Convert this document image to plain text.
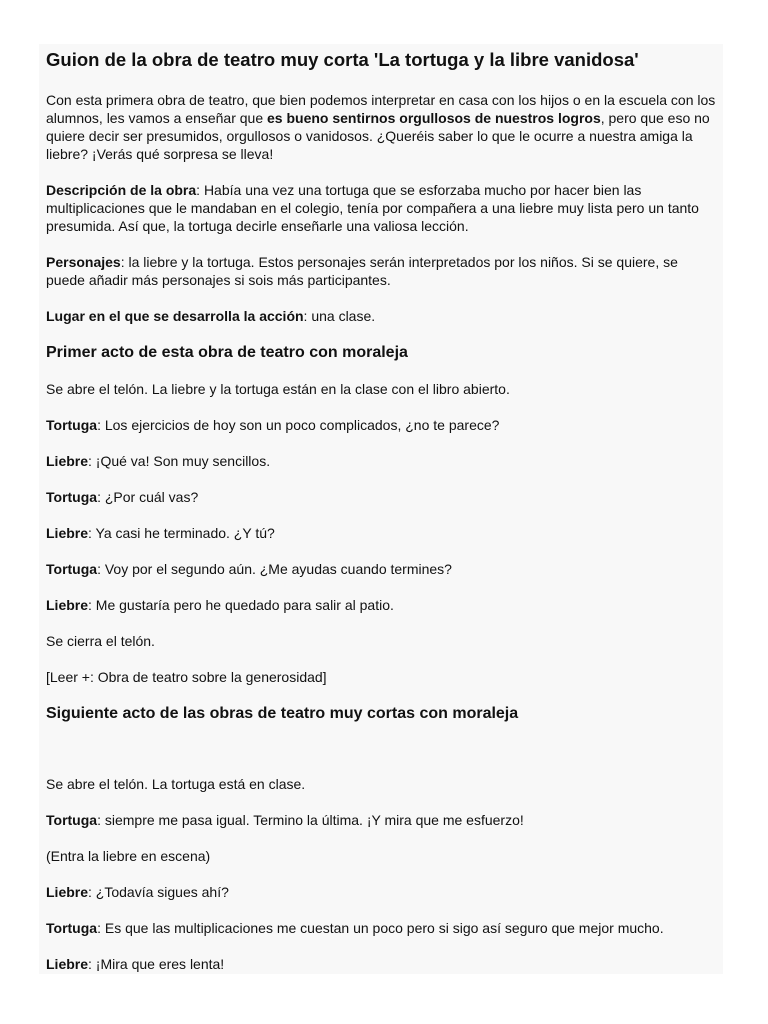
Guion de la obra de teatro muy corta 'La tortuga y la libre vanidosa'

Con esta primera obra de teatro, que bien podemos interpretar en casa con los hijos o en la escuela con los alumnos, les vamos a enseñar que es bueno sentirnos orgullosos de nuestros logros, pero que eso no quiere decir ser presumidos, orgullosos o vanidosos. ¿Queréis saber lo que le ocurre a nuestra amiga la liebre? ¡Verás qué sorpresa se lleva!

Descripción de la obra: Había una vez una tortuga que se esforzaba mucho por hacer bien las multiplicaciones que le mandaban en el colegio, tenía por compañera a una liebre muy lista pero un tanto presumida. Así que, la tortuga decirle enseñarle una valiosa lección.

Personajes: la liebre y la tortuga. Estos personajes serán interpretados por los niños. Si se quiere, se puede añadir más personajes si sois más participantes.

Lugar en el que se desarrolla la acción: una clase.

Primer acto de esta obra de teatro con moraleja

Se abre el telón. La liebre y la tortuga están en la clase con el libro abierto.

Tortuga: Los ejercicios de hoy son un poco complicados, ¿no te parece?

Liebre: ¡Qué va! Son muy sencillos.

Tortuga: ¿Por cuál vas?

Liebre: Ya casi he terminado. ¿Y tú?

Tortuga: Voy por el segundo aún. ¿Me ayudas cuando termines?

Liebre: Me gustaría pero he quedado para salir al patio.

Se cierra el telón.

[Leer +: Obra de teatro sobre la generosidad]

Siguiente acto de las obras de teatro muy cortas con moraleja

Se abre el telón. La tortuga está en clase.

Tortuga: siempre me pasa igual. Termino la última. ¡Y mira que me esfuerzo!

(Entra la liebre en escena)

Liebre: ¿Todavía sigues ahí?

Tortuga: Es que las multiplicaciones me cuestan un poco pero si sigo así seguro que mejor mucho.

Liebre: ¡Mira que eres lenta!
